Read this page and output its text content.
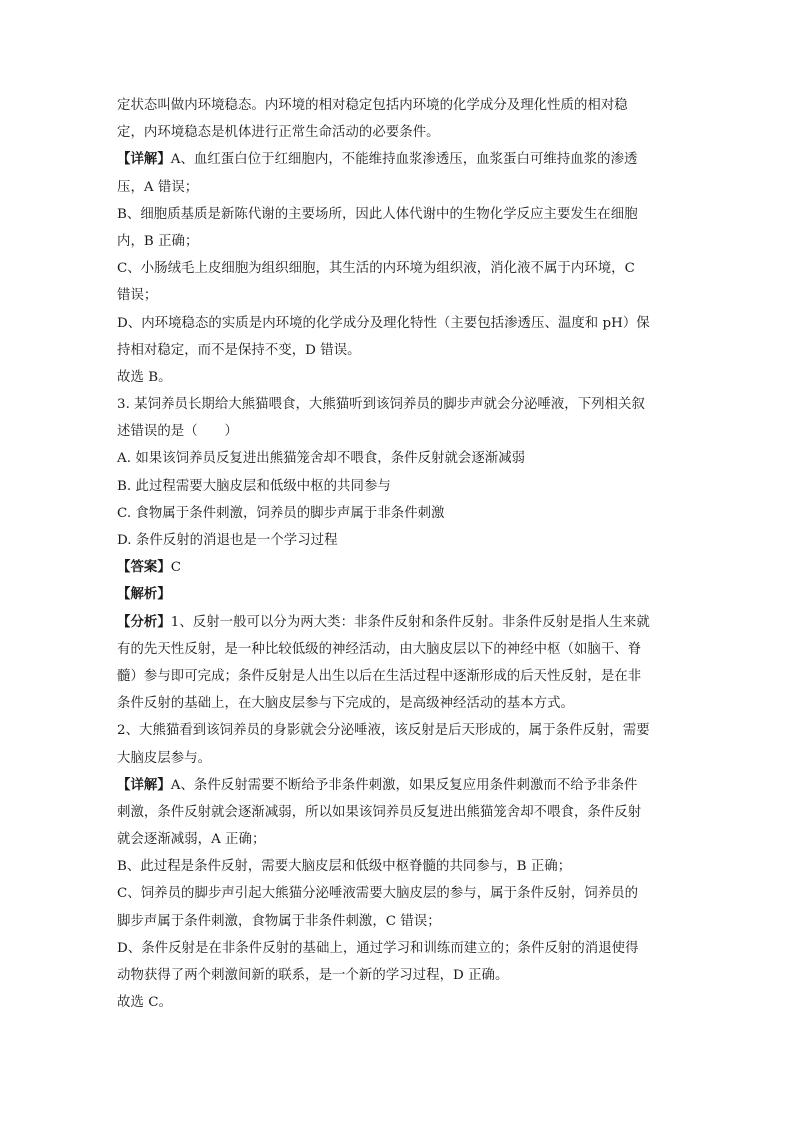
定状态叫做内环境稳态。内环境的相对稳定包括内环境的化学成分及理化性质的相对稳
定，内环境稳态是机体进行正常生命活动的必要条件。
【详解】A、血红蛋白位于红细胞内，不能维持血浆渗透压，血浆蛋白可维持血浆的渗透
压，A 错误；
B、细胞质基质是新陈代谢的主要场所，因此人体代谢中的生物化学反应主要发生在细胞
内，B 正确；
C、小肠绒毛上皮细胞为组织细胞，其生活的内环境为组织液，消化液不属于内环境，C
错误；
D、内环境稳态的实质是内环境的化学成分及理化特性（主要包括渗透压、温度和 pH）保
持相对稳定，而不是保持不变，D 错误。
故选 B。
3. 某饲养员长期给大熊猫喂食，大熊猫听到该饲养员的脚步声就会分泌唾液，下列相关叙
述错误的是（　　）
A. 如果该饲养员反复进出熊猫笼舍却不喂食，条件反射就会逐渐减弱
B. 此过程需要大脑皮层和低级中枢的共同参与
C. 食物属于条件刺激，饲养员的脚步声属于非条件刺激
D. 条件反射的消退也是一个学习过程
【答案】C
【解析】
【分析】1、反射一般可以分为两大类：非条件反射和条件反射。非条件反射是指人生来就
有的先天性反射，是一种比较低级的神经活动，由大脑皮层以下的神经中枢（如脑干、脊
髓）参与即可完成；条件反射是人出生以后在生活过程中逐渐形成的后天性反射，是在非
条件反射的基础上，在大脑皮层参与下完成的，是高级神经活动的基本方式。
2、大熊猫看到该饲养员的身影就会分泌唾液，该反射是后天形成的，属于条件反射，需要
大脑皮层参与。
【详解】A、条件反射需要不断给予非条件刺激，如果反复应用条件刺激而不给予非条件
刺激，条件反射就会逐渐减弱，所以如果该饲养员反复进出熊猫笼舍却不喂食，条件反射
就会逐渐减弱，A 正确；
B、此过程是条件反射，需要大脑皮层和低级中枢脊髓的共同参与，B 正确；
C、饲养员的脚步声引起大熊猫分泌唾液需要大脑皮层的参与，属于条件反射，饲养员的
脚步声属于条件刺激，食物属于非条件刺激，C 错误；
D、条件反射是在非条件反射的基础上，通过学习和训练而建立的；条件反射的消退使得
动物获得了两个刺激间新的联系，是一个新的学习过程，D 正确。
故选 C。
